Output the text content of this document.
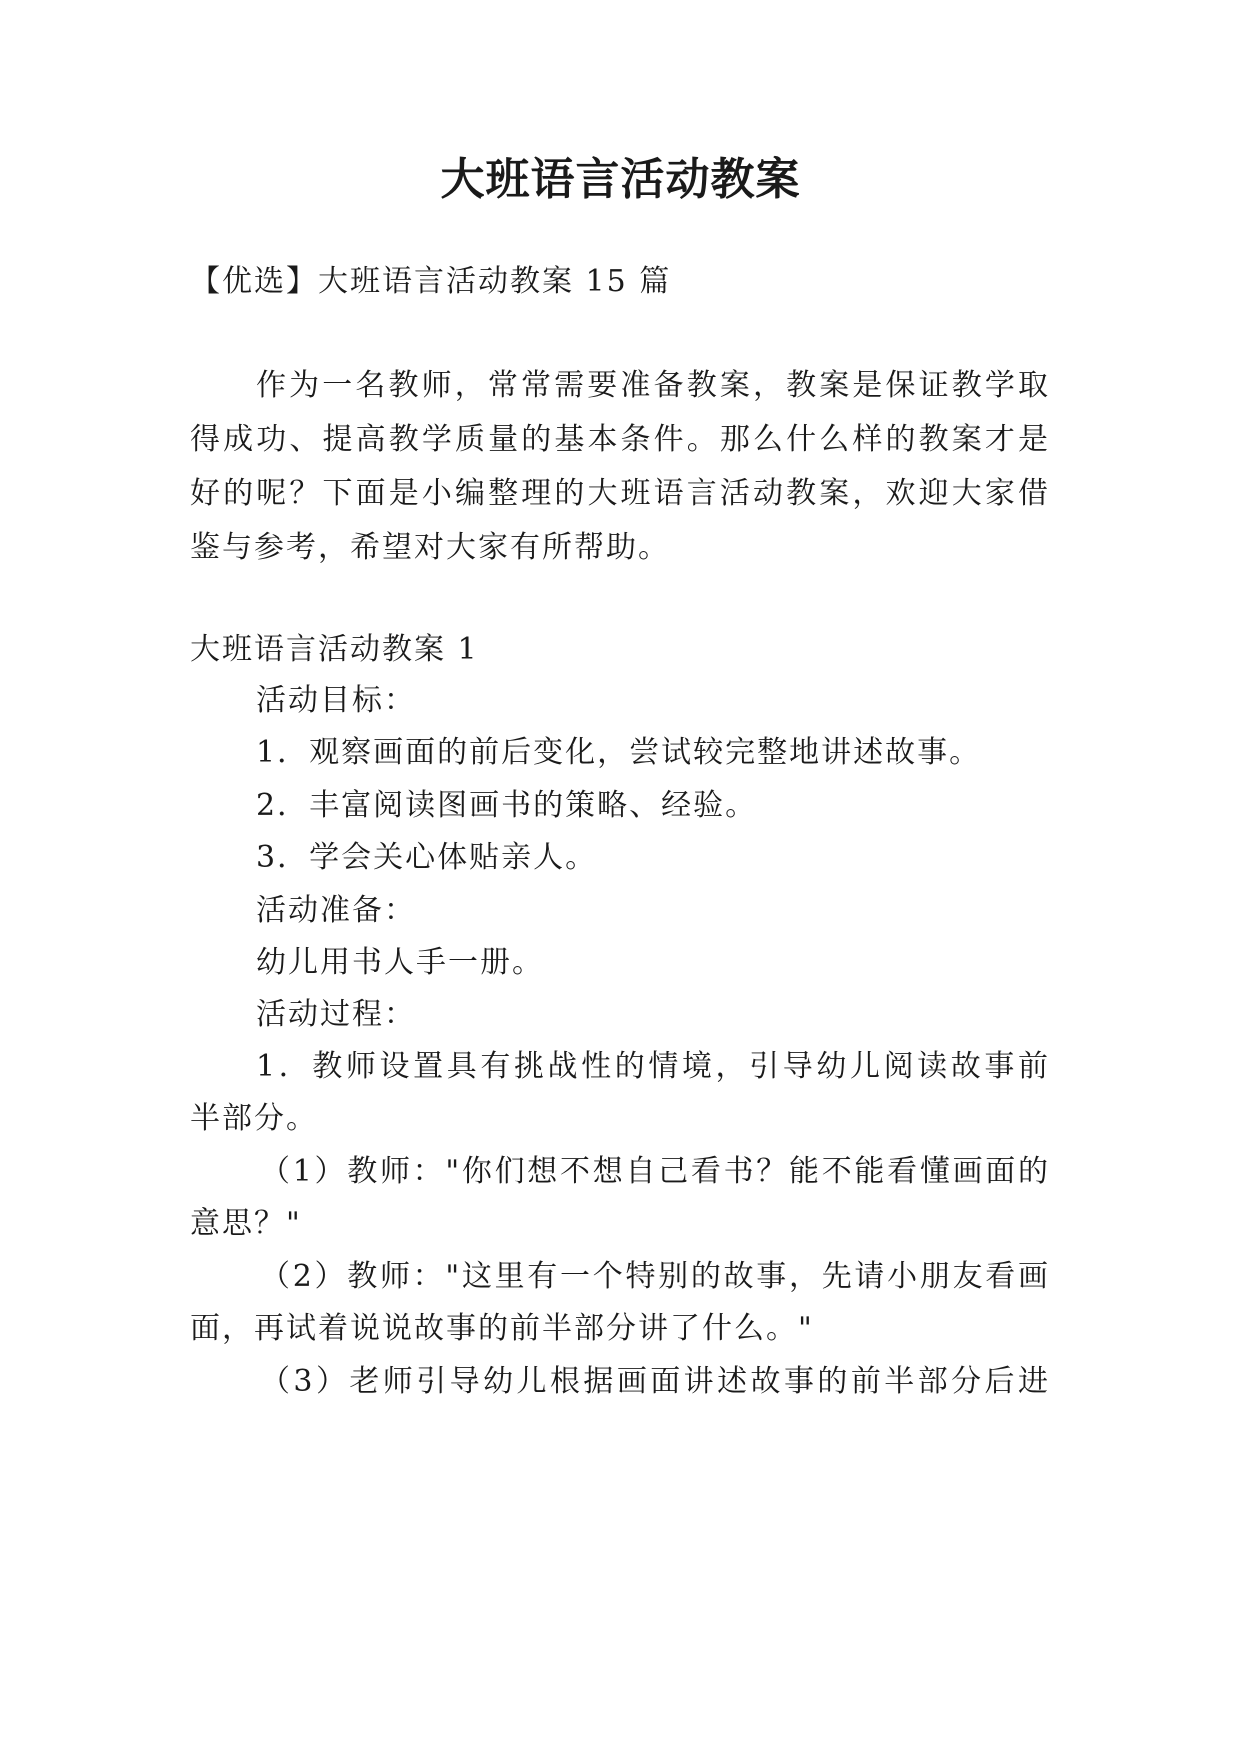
大班语言活动教案
【优选】大班语言活动教案 15 篇
作为一名教师，常常需要准备教案，教案是保证教学取
得成功、提高教学质量的基本条件。那么什么样的教案才是
好的呢？下面是小编整理的大班语言活动教案，欢迎大家借
鉴与参考，希望对大家有所帮助。
大班语言活动教案 1
活动目标：
1．观察画面的前后变化，尝试较完整地讲述故事。
2．丰富阅读图画书的策略、经验。
3．学会关心体贴亲人。
活动准备：
幼儿用书人手一册。
活动过程：
1．教师设置具有挑战性的情境，引导幼儿阅读故事前
半部分。
（1）教师："你们想不想自己看书？能不能看懂画面的
意思？"
（2）教师："这里有一个特别的故事，先请小朋友看画
面，再试着说说故事的前半部分讲了什么。"
（3）老师引导幼儿根据画面讲述故事的前半部分后进
